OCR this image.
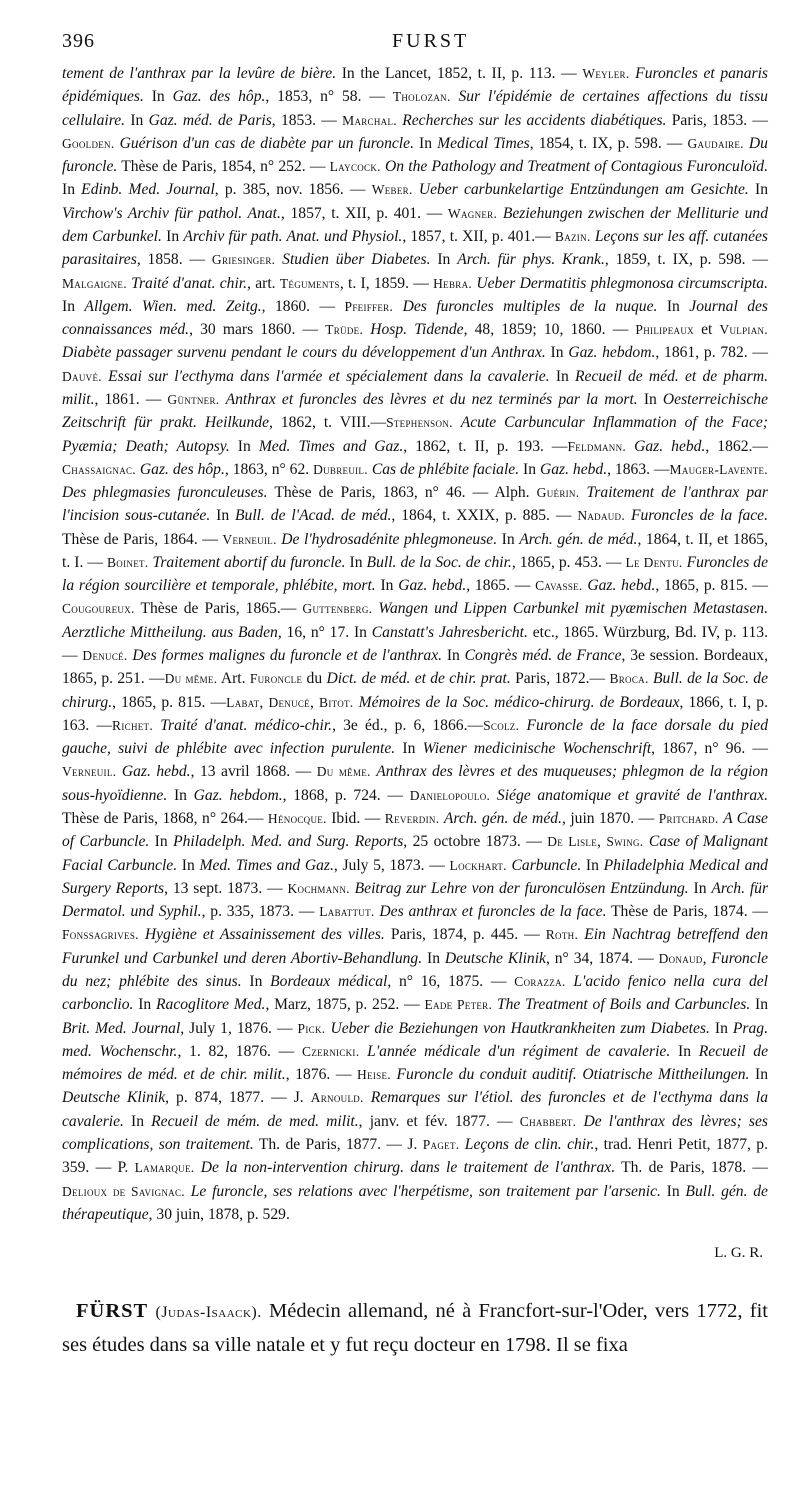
396	FURST

tement de l'anthrax par la levûre de bière. In the Lancet, 1852, t. II, p. 113. — Weyler. Furoncles et panaris épidémiques. In Gaz. des hôp., 1853, n° 58. — Tholozan. Sur l'épidémie de certaines affections du tissu cellulaire. In Gaz. méd. de Paris, 1853. — Marchal. Recherches sur les accidents diabétiques. Paris, 1853. — Goolden. Guérison d'un cas de diabète par un furoncle. In Medical Times, 1854, t. IX, p. 598. — Gaudaire. Du furoncle. Thèse de Paris, 1854, n° 252. — Laycock. On the Pathology and Treatment of Contagious Furonculoïd. In Edinb. Med. Journal, p. 385, nov. 1856. — Weber. Ueber carbunkelartige Entzündungen am Gesichte. In Virchow's Archiv für pathol. Anat., 1857, t. XII, p. 401. — Wagner. Beziehungen zwischen der Melliturie und dem Carbunkel. In Archiv für path. Anat. und Physiol., 1857, t. XII, p. 401.— Bazin. Leçons sur les aff. cutanées parasitaires, 1858. — Griesinger. Studien über Diabetes. In Arch. für phys. Krank., 1859, t. IX, p. 598. — Malgaigne. Traité d'anat. chir., art. Téguments, t. I, 1859. — Hebra. Ueber Dermatitis phlegmonosa circumscripta. In Allgem. Wien. med. Zeitg., 1860. — Pfeiffer. Des furoncles multiples de la nuque. In Journal des connaissances méd., 30 mars 1860. — Trüde. Hosp. Tidende, 48, 1859; 10, 1860. — Philipeaux et Vulpian. Diabète passager survenu pendant le cours du développement d'un Anthrax. In Gaz. hebdom., 1861, p. 782. — Dauvé. Essai sur l'ecthyma dans l'armée et spécialement dans la cavalerie. In Recueil de méd. et de pharm. milit., 1861. — Güntner. Anthrax et furoncles des lèvres et du nez terminés par la mort. In Oesterreichische Zeitschrift für prakt. Heilkunde, 1862, t. VIII.—Stephenson. Acute Carbuncular Inflammation of the Face; Pyæmia; Death; Autopsy. In Med. Times and Gaz., 1862, t. II, p. 193. —Feldmann. Gaz. hebd., 1862.— Chassaignac. Gaz. des hôp., 1863, n° 62. Dubreuil. Cas de phlébite faciale. In Gaz. hebd., 1863. —Mauger-Lavente. Des phlegmasies furonculeuses. Thèse de Paris, 1863, n° 46. — Alph. Guérin. Traitement de l'anthrax par l'incision sous-cutanée. In Bull. de l'Acad. de méd., 1864, t. XXIX, p. 885. — Nadaud. Furoncles de la face. Thèse de Paris, 1864. — Verneuil. De l'hydrosadénite phlegmoneuse. In Arch. gén. de méd., 1864, t. II, et 1865, t. I. — Boinet. Traitement abortif du furoncle. In Bull. de la Soc. de chir., 1865, p. 453. — Le Dentu. Furoncles de la région sourcilière et temporale, phlébite, mort. In Gaz. hebd., 1865. — Cavasse. Gaz. hebd., 1865, p. 815. —Cougoureux. Thèse de Paris, 1865.— Guttenberg. Wangen und Lippen Carbunkel mit pyæmischen Metastasen. Aerztliche Mittheilung. aus Baden, 16, n° 17. In Canstatt's Jahresbericht. etc., 1865. Würzburg, Bd. IV, p. 113.— Denucé. Des formes malignes du furoncle et de l'anthrax. In Congrès méd. de France, 3e session. Bordeaux, 1865, p. 251. —Du même. Art. Furoncle du Dict. de méd. et de chir. prat. Paris, 1872.— Broca. Bull. de la Soc. de chirurg., 1865, p. 815. —Labat, Denucé, Bitot. Mémoires de la Soc. médico-chirurg. de Bordeaux, 1866, t. I, p. 163. —Richet. Traité d'anat. médico-chir., 3e éd., p. 6, 1866.—Scolz. Furoncle de la face dorsale du pied gauche, suivi de phlébite avec infection purulente. In Wiener medicinische Wochenschrift, 1867, n° 96. — Verneuil. Gaz. hebd., 13 avril 1868. — Du même. Anthrax des lèvres et des muqueuses; phlegmon de la région sous-hyoïdienne. In Gaz. hebdom., 1868, p. 724. — Danielopoulo. Siége anatomique et gravité de l'anthrax. Thèse de Paris, 1868, n° 264.— Hénocque. Ibid. — Reverdin. Arch. gén. de méd., juin 1870. — Pritchard. A Case of Carbuncle. In Philadelph. Med. and Surg. Reports, 25 octobre 1873. — De Lisle, Swing. Case of Malignant Facial Carbuncle. In Med. Times and Gaz., July 5, 1873. — Lockhart. Carbuncle. In Philadelphia Medical and Surgery Reports, 13 sept. 1873. — Kochmann. Beitrag zur Lehre von der furonculösen Entzündung. In Arch. für Dermatol. und Syphil., p. 335, 1873. — Labattut. Des anthrax et furoncles de la face. Thèse de Paris, 1874. — Fonssagrives. Hygiène et Assainissement des villes. Paris, 1874, p. 445. — Roth. Ein Nachtrag betreffend den Furunkel und Carbunkel und deren Abortiv-Behandlung. In Deutsche Klinik, n° 34, 1874. — Donaud, Furoncle du nez; phlébite des sinus. In Bordeaux médical, n° 16, 1875. — Corazza. L'acido fenico nella cura del carbonclio. In Racoglitore Med., Marz, 1875, p. 252. — Eade Peter. The Treatment of Boils and Carbuncles. In Brit. Med. Journal, July 1, 1876. — Pick. Ueber die Beziehungen von Hautkrankheiten zum Diabetes. In Prag. med. Wochenschr., 1. 82, 1876. — Czernicki. L'année médicale d'un régiment de cavalerie. In Recueil de mémoires de méd. et de chir. milit., 1876. — Heise. Furoncle du conduit auditif. Otiatrische Mittheilungen. In Deutsche Klinik, p. 874, 1877. — J. Arnould. Remarques sur l'étiol. des furoncles et de l'ecthyma dans la cavalerie. In Recueil de mém. de med. milit., janv. et fév. 1877. — Chabbert. De l'anthrax des lèvres; ses complications, son traitement. Th. de Paris, 1877. — J. Paget. Leçons de clin. chir., trad. Henri Petit, 1877, p. 359. — P. Lamarque. De la non-intervention chirurg. dans le traitement de l'anthrax. Th. de Paris, 1878. — Delioux de Savignac. Le furoncle, ses relations avec l'herpétisme, son traitement par l'arsenic. In Bull. gén. de thérapeutique, 30 juin, 1878, p. 529.

L. G. R.

FÜRST (Judas-Isaack). Médecin allemand, né à Francfort-sur-l'Oder, vers 1772, fit ses études dans sa ville natale et y fut reçu docteur en 1798. Il se fixa
